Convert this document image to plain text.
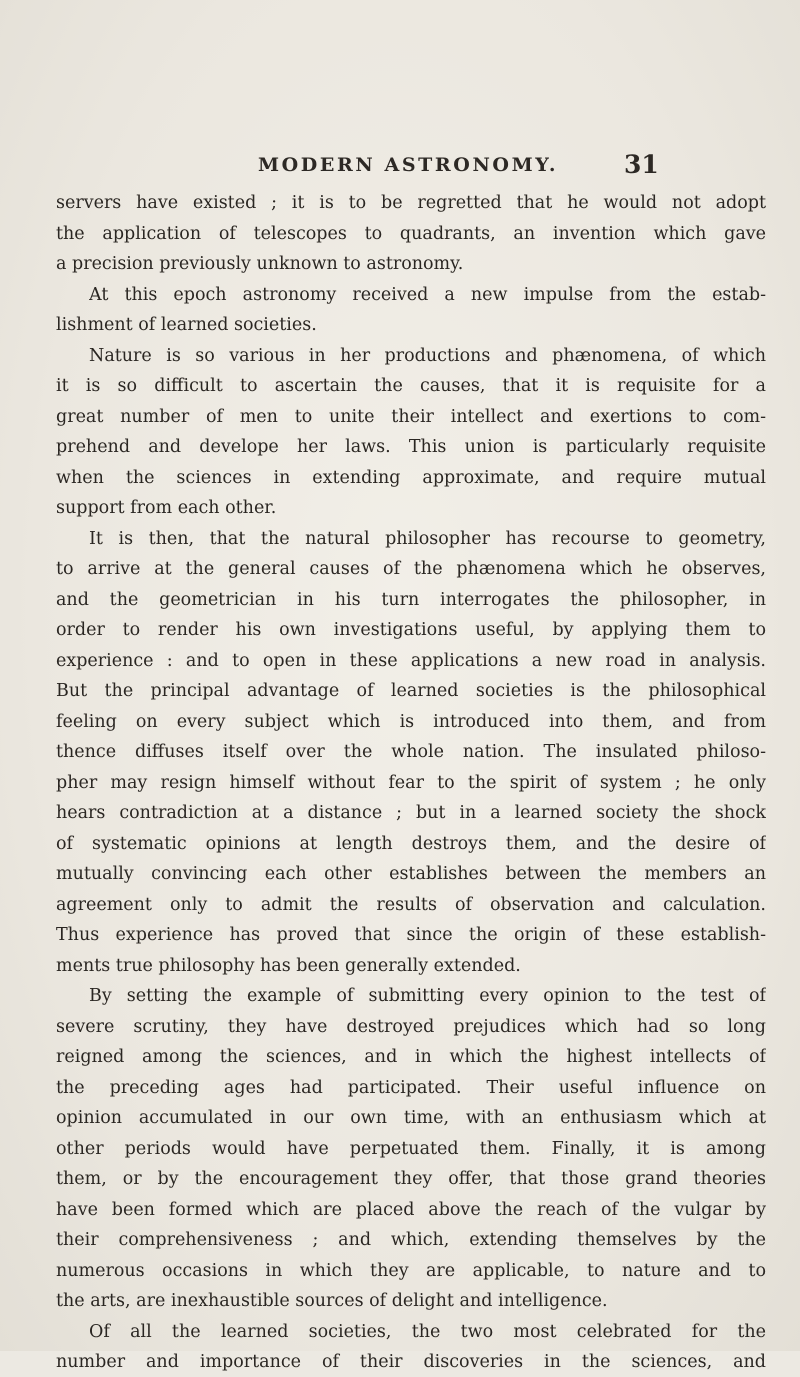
MODERN ASTRONOMY.	31
servers have existed ; it is to be regretted that he would not adopt
the application of telescopes to quadrants, an invention which gave
a precision previously unknown to astronomy.
At this epoch astronomy received a new impulse from the estab-
lishment of learned societies.
Nature is so various in her productions and phænomena, of which
it is so difficult to ascertain the causes, that it is requisite for a
great number of men to unite their intellect and exertions to com-
prehend and develope her laws. This union is particularly requisite
when the sciences in extending approximate, and require mutual
support from each other.
It is then, that the natural philosopher has recourse to geometry,
to arrive at the general causes of the phænomena which he observes,
and the geometrician in his turn interrogates the philosopher, in
order to render his own investigations useful, by applying them to
experience : and to open in these applications a new road in analysis.
But the principal advantage of learned societies is the philosophical
feeling on every subject which is introduced into them, and from
thence diffuses itself over the whole nation. The insulated philoso-
pher may resign himself without fear to the spirit of system ; he only
hears contradiction at a distance ; but in a learned society the shock
of systematic opinions at length destroys them, and the desire of
mutually convincing each other establishes between the members an
agreement only to admit the results of observation and calculation.
Thus experience has proved that since the origin of these establish-
ments true philosophy has been generally extended.
By setting the example of submitting every opinion to the test of
severe scrutiny, they have destroyed prejudices which had so long
reigned among the sciences, and in which the highest intellects of
the preceding ages had participated. Their useful influence on
opinion accumulated in our own time, with an enthusiasm which at
other periods would have perpetuated them. Finally, it is among
them, or by the encouragement they offer, that those grand theories
have been formed which are placed above the reach of the vulgar by
their comprehensiveness ; and which, extending themselves by the
numerous occasions in which they are applicable, to nature and to
the arts, are inexhaustible sources of delight and intelligence.
Of all the learned societies, the two most celebrated for the
number and importance of their discoveries in the sciences, and
